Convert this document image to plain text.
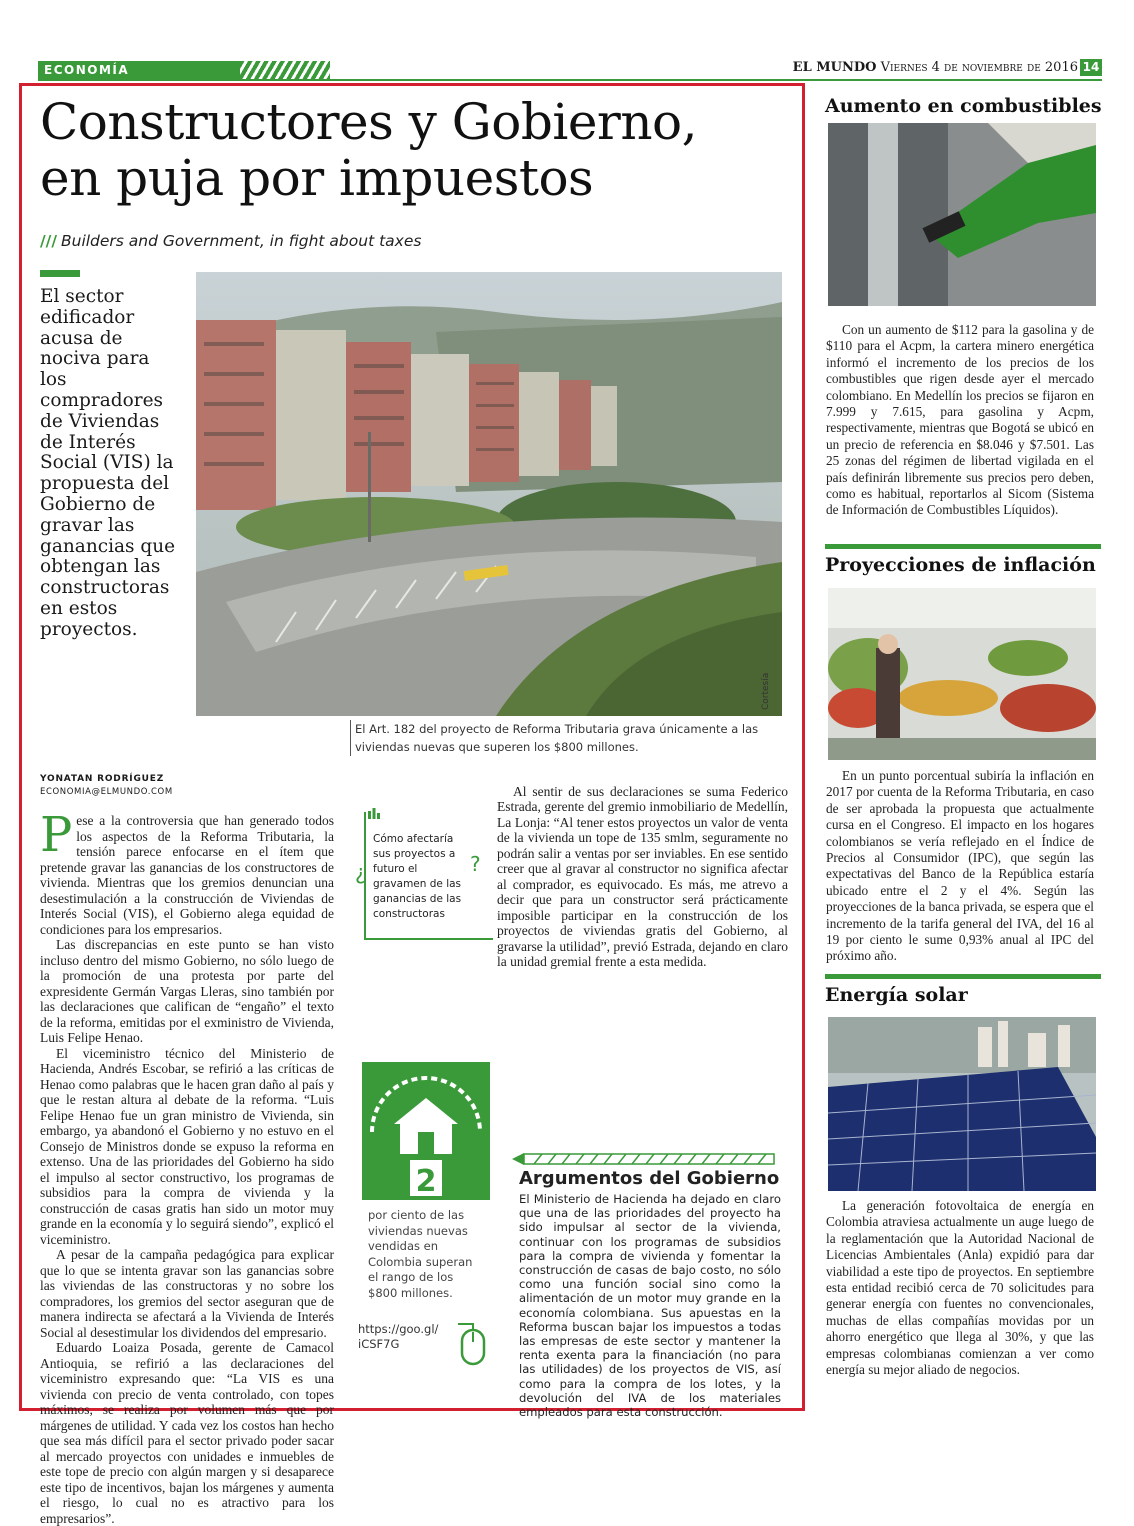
ECONOMÍA	EL MUNDO Viernes 4 de noviembre de 2016 14
Constructores y Gobierno,
en puja por impuestos
/// Builders and Government, in fight about taxes
El sector edificador acusa de nociva para los compradores de Viviendas de Interés Social (VIS) la propuesta del Gobierno de gravar las ganancias que obtengan las constructoras en estos proyectos.
Cortesía
El Art. 182 del proyecto de Reforma Tributaria grava únicamente a las viviendas nuevas que superen los $800 millones.
YONATAN RODRÍGUEZ
ECONOMIA@ELMUNDO.COM

Pese a la controversia que han generado todos los aspectos de la Reforma Tributaria, la tensión parece enfocarse en el ítem que pretende gravar las ganancias de los constructores de vivienda. Mientras que los gremios denuncian una desestimulación a la construcción de Viviendas de Interés Social (VIS), el Gobierno alega equidad de condiciones para los empresarios.

Las discrepancias en este punto se han visto incluso dentro del mismo Gobierno, no sólo luego de la promoción de una protesta por parte del expresidente Germán Vargas Lleras, sino también por las declaraciones que califican de “engaño” el texto de la reforma, emitidas por el exministro de Vivienda, Luis Felipe Henao.

El viceministro técnico del Ministerio de Hacienda, Andrés Escobar, se refirió a las críticas de Henao como palabras que le hacen gran daño al país y que le restan altura al debate de la reforma. “Luis Felipe Henao fue un gran ministro de Vivienda, sin embargo, ya abandonó el Gobierno y no estuvo en el Consejo de Ministros donde se expuso la reforma en extenso. Una de las prioridades del Gobierno ha sido el impulso al sector constructivo, los programas de subsidios para la compra de vivienda y la construcción de casas gratis han sido un motor muy grande en la economía y lo seguirá siendo”, explicó el viceministro.

A pesar de la campaña pedagógica para explicar que lo que se intenta gravar son las ganancias sobre las viviendas de las constructoras y no sobre los compradores, los gremios del sector aseguran que de manera indirecta se afectará a la Vivienda de Interés Social al desestimular los dividendos del empresario.

Eduardo Loaiza Posada, gerente de Camacol Antioquia, se refirió a las declaraciones del viceministro expresando que: “La VIS es una vivienda con precio de venta controlado, con topes máximos, se realiza por volumen más que por márgenes de utilidad. Y cada vez los costos han hecho que sea más difícil para el sector privado poder sacar al mercado proyectos con unidades e inmuebles de este tope de precio con algún margen y si desaparece este tipo de incentivos, bajan los márgenes y aumenta el riesgo, lo cual no es atractivo para los empresarios”.

¿
Cómo afectaría sus proyectos a futuro el gravamen de las ganancias de las constructoras
?

Al sentir de sus declaraciones se suma Federico Estrada, gerente del gremio inmobiliario de Medellín, La Lonja: “Al tener estos proyectos un valor de venta de la vivienda un tope de 135 smlm, seguramente no podrán salir a ventas por ser inviables. En ese sentido creer que al gravar al constructor no significa afectar al comprador, es equivocado. Es más, me atrevo a decir que para un constructor será prácticamente imposible participar en la construcción de los proyectos de viviendas gratis del Gobierno, al gravarse la utilidad”, previó Estrada, dejando en claro la unidad gremial frente a esta medida.

2
por ciento de las viviendas nuevas vendidas en Colombia superan el rango de los $800 millones.
https://goo.gl/ iCSF7G
Argumentos del Gobierno
El Ministerio de Hacienda ha dejado en claro que una de las prioridades del proyecto ha sido impulsar al sector de la vivienda, continuar con los programas de subsidios para la compra de vivienda y fomentar la construcción de casas de bajo costo, no sólo como una función social sino como la alimentación de un motor muy grande en la economía colombiana. Sus apuestas en la Reforma buscan bajar los impuestos a todas las empresas de este sector y mantener la renta exenta para la financiación (no para las utilidades) de los proyectos de VIS, así como para la compra de los lotes, y la devolución del IVA de los materiales empleados para esta construcción.
Aumento en combustibles

Con un aumento de $112 para la gasolina y de $110 para el Acpm, la cartera minero energética informó el incremento de los precios de los combustibles que rigen desde ayer el mercado colombiano. En Medellín los precios se fijaron en 7.999 y 7.615, para gasolina y Acpm, respectivamente, mientras que Bogotá se ubicó en un precio de referencia en $8.046 y $7.501. Las 25 zonas del régimen de libertad vigilada en el país definirán libremente sus precios pero deben, como es habitual, reportarlos al Sicom (Sistema de Información de Combustibles Líquidos).

Proyecciones de inflación

En un punto porcentual subiría la inflación en 2017 por cuenta de la Reforma Tributaria, en caso de ser aprobada la propuesta que actualmente cursa en el Congreso. El impacto en los hogares colombianos se vería reflejado en el Índice de Precios al Consumidor (IPC), que según las expectativas del Banco de la República estaría ubicado entre el 2 y el 4%. Según las proyecciones de la banca privada, se espera que el incremento de la tarifa general del IVA, del 16 al 19 por ciento le sume 0,93% anual al IPC del próximo año.

Energía solar

La generación fotovoltaica de energía en Colombia atraviesa actualmente un auge luego de la reglamentación que la Autoridad Nacional de Licencias Ambientales (Anla) expidió para dar viabilidad a este tipo de proyectos. En septiembre esta entidad recibió cerca de 70 solicitudes para generar energía con fuentes no convencionales, muchas de ellas compañías movidas por un ahorro energético que llega al 30%, y que las empresas colombianas comienzan a ver como energía su mejor aliado de negocios.
